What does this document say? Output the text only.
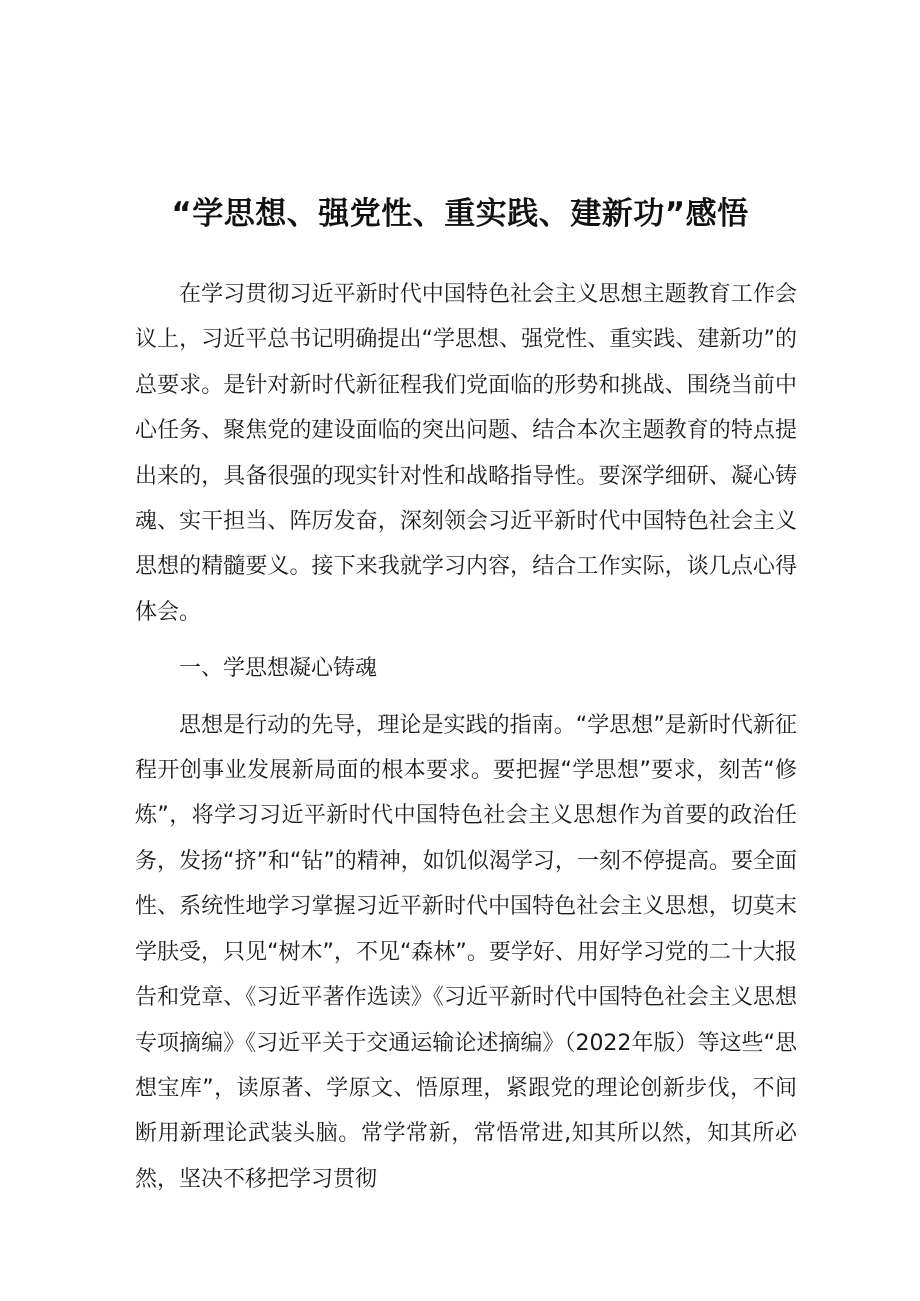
“学思想、强党性、重实践、建新功”感悟

在学习贯彻习近平新时代中国特色社会主义思想主题教育工作会议上，习近平总书记明确提出“学思想、强党性、重实践、建新功”的总要求。是针对新时代新征程我们党面临的形势和挑战、围绕当前中心任务、聚焦党的建设面临的突出问题、结合本次主题教育的特点提出来的，具备很强的现实针对性和战略指导性。要深学细研、凝心铸魂、实干担当、阵厉发奋，深刻领会习近平新时代中国特色社会主义思想的精髓要义。接下来我就学习内容，结合工作实际，谈几点心得体会。

一、学思想凝心铸魂

思想是行动的先导，理论是实践的指南。“学思想”是新时代新征程开创事业发展新局面的根本要求。要把握“学思想”要求，刻苦“修炼”，将学习习近平新时代中国特色社会主义思想作为首要的政治任务，发扬“挤”和“钻”的精神，如饥似渴学习，一刻不停提高。要全面性、系统性地学习掌握习近平新时代中国特色社会主义思想，切莫末学肤受，只见“树木”，不见“森林”。要学好、用好学习党的二十大报告和党章、《习近平著作选读》《习近平新时代中国特色社会主义思想专项摘编》《习近平关于交通运输论述摘编》（2022年版）等这些“思想宝库”，读原著、学原文、悟原理，紧跟党的理论创新步伐，不间断用新理论武装头脑。常学常新，常悟常进,知其所以然，知其所必然，坚决不移把学习贯彻
